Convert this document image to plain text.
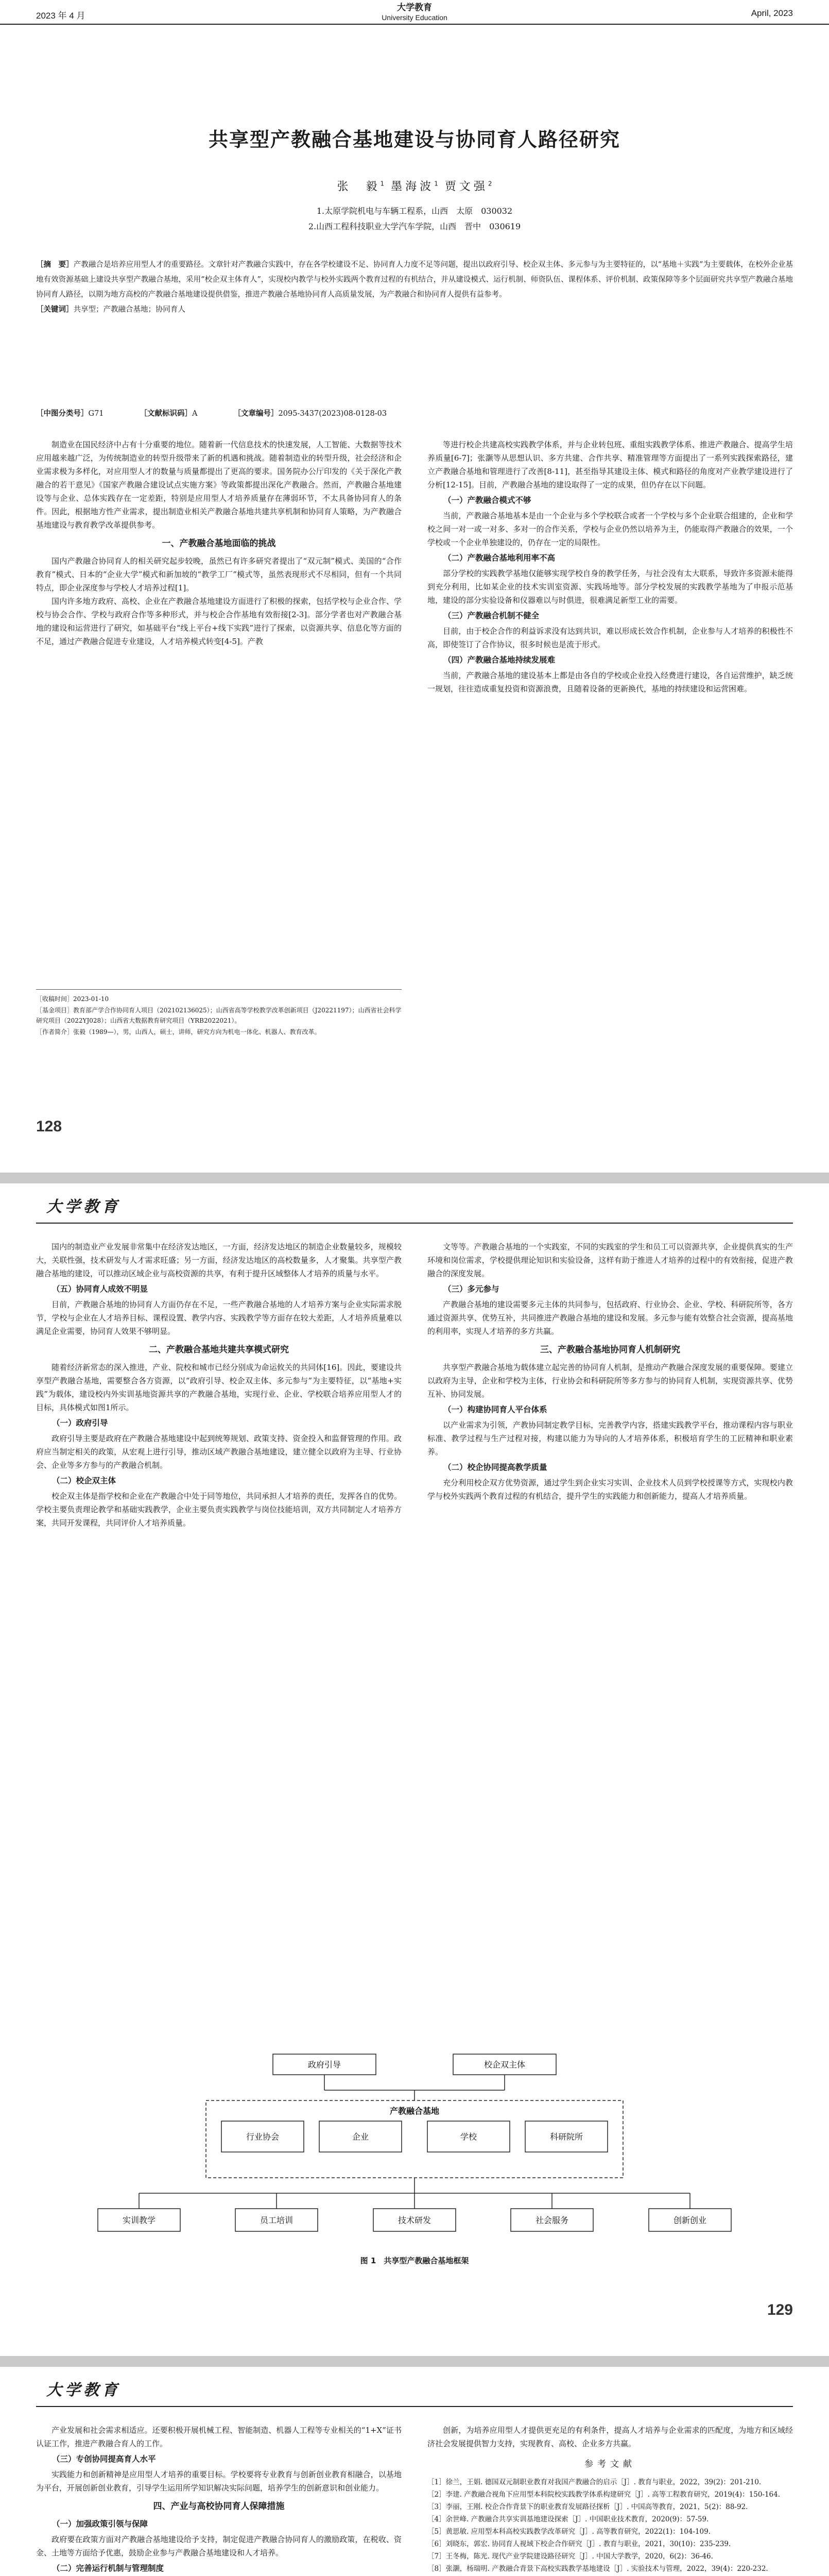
2023 年 4 月
大学教育
University Education	April, 2023
共享型产教融合基地建设与协同育人路径研究
张　毅$^1$ 墨海波$^1$ 贾文强$^2$
1.太原学院机电与车辆工程系，山西　太原　030032
2.山西工程科技职业大学汽车学院，山西　晋中　030619
［摘　要］产教融合是培养应用型人才的重要路径。文章针对产教融合实践中，存在各学校建设不足、协同育人力度不足等问题，提出以政府引导、校企双主体、多元参与为主要特征的，以“基地＋实践”为主要载体，在校外企业基地有效资源基础上建设共享型产教融合基地，采用“校企双主体育人”，实现校内教学与校外实践两个教育过程的有机结合，并从建设模式、运行机制、师资队伍、课程体系、评价机制、政策保障等多个层面研究共享型产教融合基地协同育人路径，以期为地方高校的产教融合基地建设提供借鉴，推进产教融合基地协同育人高质量发展，为产教融合和协同育人提供有益参考。
［关键词］共享型；产教融合基地；协同育人
［中图分类号］G71	［文献标识码］A	［文章编号］2095-3437(2023)08-0128-03

制造业在国民经济中占有十分重要的地位。随着新一代信息技术的快速发展，人工智能、大数据等技术应用越来越广泛，为传统制造业的转型升级带来了新的机遇和挑战。随着制造业的转型升级，社会经济和企业需求极为多样化，对应用型人才的数量与质量都提出了更高的要求。国务院办公厅印发的《关于深化产教融合的若干意见》《国家产教融合建设试点实施方案》等政策都提出深化产教融合。然而，产教融合基地建设等与企业、总体实践存在一定差距，特别是应用型人才培养质量存在薄弱环节，不太具备协同育人的条件。因此，根据地方性产业需求，提出制造业相关产教融合基地共建共享机制和协同育人策略，为产教融合基地建设与教育教学改革提供参考。

一、产教融合基地面临的挑战

国内产教融合协同育人的相关研究起步较晚，虽然已有许多研究者提出了“双元制”模式、美国的“合作教育”模式、日本的“企业大学”模式和新加坡的“教学工厂”模式等，虽然表现形式不尽相同，但有一个共同特点，即企业深度参与学校人才培养过程[1]。

国内许多地方政府、高校、企业在产教融合基地建设方面进行了积极的探索，包括学校与企业合作、学校与协会合作、学校与政府合作等多种形式，并与校企合作基地有效衔接[2-3]。部分学者也对产教融合基地的建设和运营进行了研究，如基础平台“线上平台+线下实践”进行了探索，以资源共享、信息化等方面的不足，通过产教融合促进专业建设，人才培养模式转变[4-5]。产教

等进行校企共建高校实践教学体系，并与企业转包班、重组实践教学体系、推进产教融合、提高学生培养质量[6-7]；张灏等从思想认识、多方共建、合作共享、精准管理等方面提出了一系列实践探索路径，建立产教融合基地和管理进行了改善[8-11]，甚至指导其建设主体、模式和路径的角度对产业教学建设进行了分析[12-15]。目前，产教融合基地的建设取得了一定的成果，但仍存在以下问题。

（一）产教融合模式不够

当前，产教融合基地基本是由一个企业与多个学校联合或者一个学校与多个企业联合组建的，企业和学校之间一对一或一对多、多对一的合作关系，学校与企业仍然以培养为主，仍能取得产教融合的效果，一个学校或一个企业单独建设的，仍存在一定的局限性。

（二）产教融合基地利用率不高

部分学校的实践教学基地仅能够实现学校自身的教学任务，与社会没有太大联系，导致许多资源未能得到充分利用，比如某企业的技术实训室资源、实践场地等。部分学校发展的实践教学基地为了申报示范基地，建设的部分实验设备和仪器难以与时俱进，很难满足新型工业的需要。

（三）产教融合机制不健全

目前，由于校企合作的利益诉求没有达到共识，难以形成长效合作机制，企业参与人才培养的积极性不高，即使签订了合作协议，很多时候也是流于形式。

（四）产教融合基地持续发展难

当前，产教融合基地的建设基本上都是由各自的学校或企业投入经费进行建设，各自运营维护，缺乏统一规划，往往造成重复投资和资源浪费，且随着设备的更新换代，基地的持续建设和运营困难。

［收稿时间］2023-01-10

［基金项目］教育部产学合作协同育人项目（202102136025）；山西省高等学校教学改革创新项目（J20221197）；山西省社会科学研究项目（2022YJ028）；山西省大数据教育研究项目（YRB2022021）。

［作者简介］张毅（1989—），男，山西人，硕士，讲师，研究方向为机电一体化、机器人、教育改革。

128
大学教育

国内的制造业产业发展非常集中在经济发达地区，一方面，经济发达地区的制造企业数量较多，规模较大，关联性强，技术研发与人才需求旺盛；另一方面，经济发达地区的高校数量多，人才聚集。共享型产教融合基地的建设，可以推动区域企业与高校资源的共享，有利于提升区域整体人才培养的质量与水平。

（五）协同育人成效不明显

目前，产教融合基地的协同育人方面仍存在不足，一些产教融合基地的人才培养方案与企业实际需求脱节，学校与企业在人才培养目标、课程设置、教学内容、实践教学等方面存在较大差距，人才培养质量难以满足企业需要，协同育人效果不够明显。

二、产教融合基地共建共享模式研究

随着经济新常态的深入推进，产业、院校和城市已经分别成为命运攸关的共同体[16]。因此，要建设共享型产教融合基地，需要整合各方资源，以“政府引导、校企双主体、多元参与”为主要特征，以“基地+实践”为载体，建设校内外实训基地资源共享的产教融合基地，实现行业、企业、学校联合培养应用型人才的目标，具体模式如图1所示。

（一）政府引导

政府引导主要是政府在产教融合基地建设中起到统筹规划、政策支持、资金投入和监督管理的作用。政府应当制定相关的政策，从宏观上进行引导，推动区域产教融合基地建设，建立健全以政府为主导、行业协会、企业等多方参与的产教融合机制。

（二）校企双主体

校企双主体是指学校和企业在产教融合中处于同等地位，共同承担人才培养的责任，发挥各自的优势。学校主要负责理论教学和基础实践教学，企业主要负责实践教学与岗位技能培训，双方共同制定人才培养方案，共同开发课程，共同评价人才培养质量。

文等等。产教融合基地的一个实践室，不同的实践室的学生和员工可以资源共享，企业提供真实的生产环境和岗位需求，学校提供理论知识和实验设备，这样有助于推进人才培养的过程中的有效衔接，促进产教融合的深度发展。

（三）多元参与

产教融合基地的建设需要多元主体的共同参与，包括政府、行业协会、企业、学校、科研院所等，各方通过资源共享、优势互补，共同推进产教融合基地的建设和发展。多元参与能有效整合社会资源，提高基地的利用率，实现人才培养的多方共赢。

三、产教融合基地协同育人机制研究

共享型产教融合基地为载体建立起完善的协同育人机制，是推动产教融合深度发展的重要保障。要建立以政府为主导，企业和学校为主体，行业协会和科研院所等多方参与的协同育人机制，实现资源共享、优势互补、协同发展。

（一）构建协同育人平台体系

以产业需求为引领，产教协同制定教学目标，完善教学内容，搭建实践教学平台，推动课程内容与职业标准、教学过程与生产过程对接，构建以能力为导向的人才培养体系，积极培育学生的工匠精神和职业素养。

（二）校企协同提高教学质量

充分利用校企双方优势资源，通过学生到企业实习实训、企业技术人员到学校授课等方式，实现校内教学与校外实践两个教育过程的有机结合，提升学生的实践能力和创新能力，提高人才培养质量。

政府引导	校企双主体
产教融合基地
行业协会	企业	学校	科研院所
实训教学	员工培训	技术研发	社会服务	创新创业
图 1　共享型产教融合基地框架
129
大学教育

产业发展和社会需求相适应。还要积极开展机械工程、智能制造、机器人工程等专业相关的“1+X”证书认证工作，推进产教融合育人的工作。

（三）专创协同提高育人水平

实践能力和创新精神是应用型人才培养的重要目标。学校要将专业教育与创新创业教育相融合，以基地为平台，开展创新创业教育，引导学生运用所学知识解决实际问题，培养学生的创新意识和创业能力。

四、产业与高校协同育人保障措施
（一）加强政策引领与保障

政府要在政策方面对产教融合基地建设给予支持，制定促进产教融合协同育人的激励政策，在税收、资金、土地等方面给予优惠，鼓励企业参与产教融合基地建设和人才培养。

（二）完善运行机制与管理制度

创新，为培养应用型人才提供更充足的有利条件，提高人才培养与企业需求的匹配度，为地方和区域经济社会发展提供智力支持，实现教育、高校、企业多方共赢。

参考文献
［1］徐兰，王娟. 德国双元制职业教育对我国产教融合的启示［J］. 教育与职业，2022，39(2)：201-210.
［2］李建. 产教融合视角下应用型本科院校实践教学体系构建研究［J］. 高等工程教育研究，2019(4)：150-164.
［3］李丽，王刚. 校企合作背景下的职业教育发展路径探析［J］. 中国高等教育，2021，5(2)：88-92.
［4］余世峰. 产教融合共享实训基地建设探索［J］. 中国职业技术教育，2020(9)：57-59.
［5］黄思敏. 应用型本科高校实践教学改革研究［J］. 高等教育研究，2022(1)：104-109.
［6］刘晓东，郭宏. 协同育人视域下校企合作研究［J］. 教育与职业，2021，30(10)：235-239.
［7］王冬梅，陈光. 现代产业学院建设路径研究［J］. 中国大学教学，2020，6(2)：36-46.
［8］张灏，杨瑞明. 产教融合背景下高校实践教学基地建设［J］. 实验技术与管理，2022，39(4)：220-232.
